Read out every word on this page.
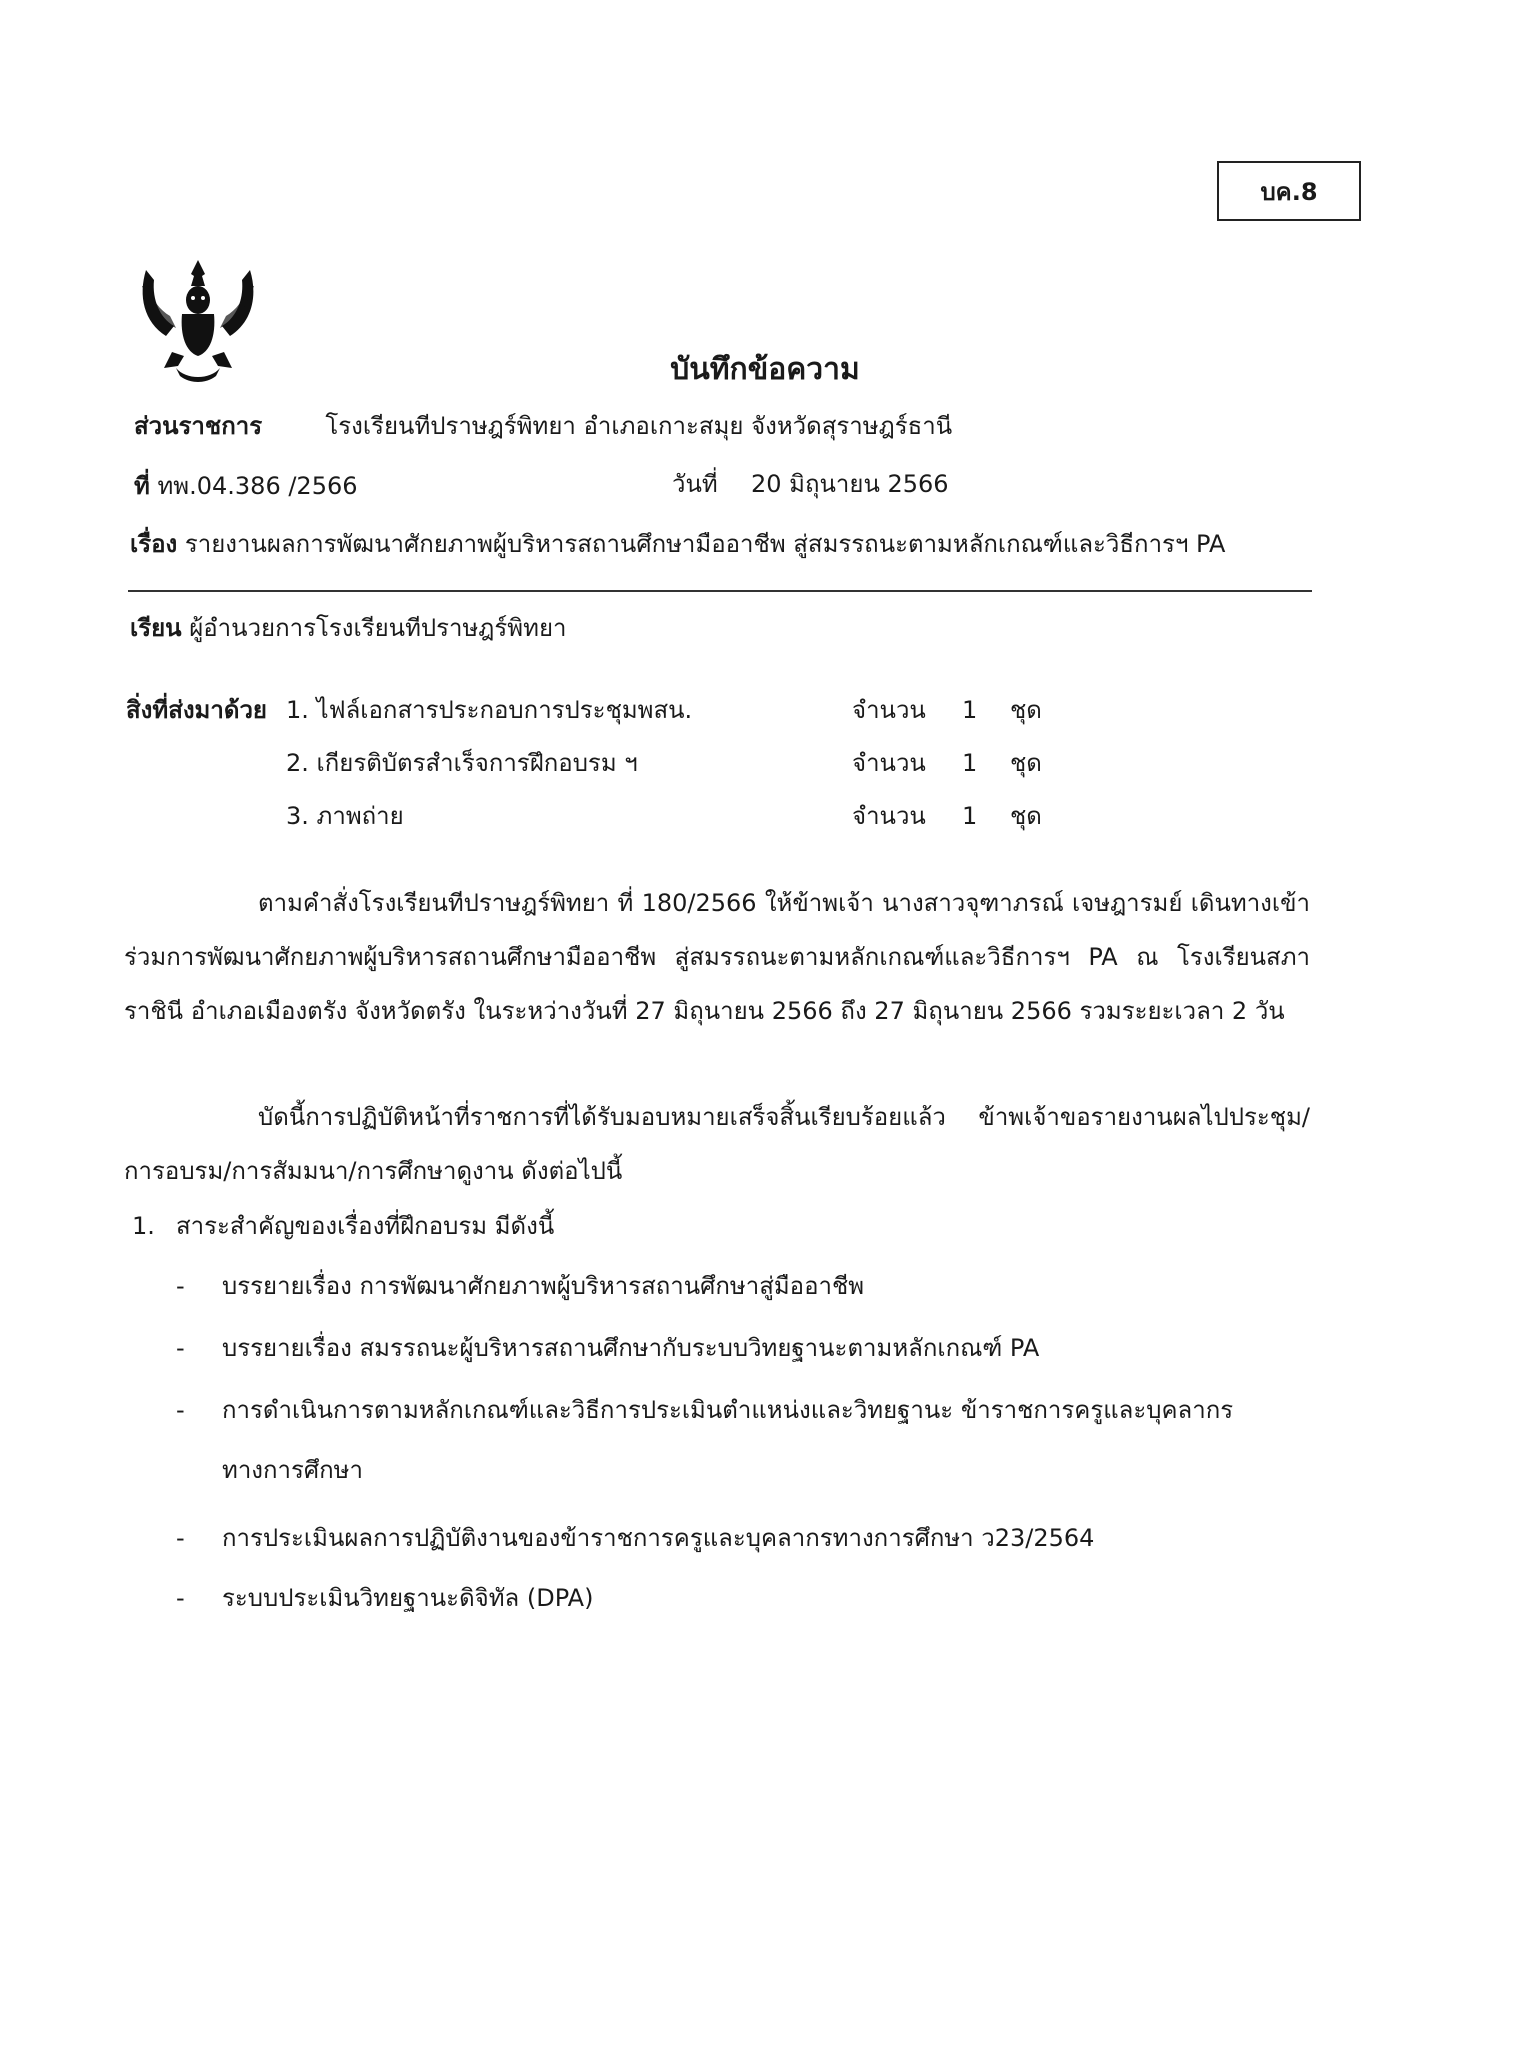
บค.8
บันทึกข้อความ
ส่วนราชการ	โรงเรียนทีปราษฎร์พิทยา อำเภอเกาะสมุย จังหวัดสุราษฎร์ธานี
ที่ ทพ.04.386 /2566	วันที่ 20 มิถุนายน 2566
เรื่อง รายงานผลการพัฒนาศักยภาพผู้บริหารสถานศึกษามืออาชีพ สู่สมรรถนะตามหลักเกณฑ์และวิธีการฯ PA
เรียน ผู้อำนวยการโรงเรียนทีปราษฎร์พิทยา
สิ่งที่ส่งมาด้วย 1. ไฟล์เอกสารประกอบการประชุมพสน.	จำนวน 1 ชุด
2. เกียรติบัตรสำเร็จการฝึกอบรม ฯ	จำนวน 1 ชุด
3. ภาพถ่าย	จำนวน 1 ชุด

ตามคำสั่งโรงเรียนทีปราษฎร์พิทยา ที่ 180/2566 ให้ข้าพเจ้า นางสาวจุฑาภรณ์ เจษฎารมย์ เดินทางเข้าร่วมการพัฒนาศักยภาพผู้บริหารสถานศึกษามืออาชีพ สู่สมรรถนะตามหลักเกณฑ์และวิธีการฯ PA ณ โรงเรียนสภาราชินี อำเภอเมืองตรัง จังหวัดตรัง ในระหว่างวันที่ 27 มิถุนายน 2566 ถึง 27 มิถุนายน 2566 รวมระยะเวลา 2 วัน

บัดนี้การปฏิบัติหน้าที่ราชการที่ได้รับมอบหมายเสร็จสิ้นเรียบร้อยแล้ว ข้าพเจ้าขอรายงานผลไปประชุม/การอบรม/การสัมมนา/การศึกษาดูงาน ดังต่อไปนี้

1. สาระสำคัญของเรื่องที่ฝึกอบรม มีดังนี้
- บรรยายเรื่อง การพัฒนาศักยภาพผู้บริหารสถานศึกษาสู่มืออาชีพ
- บรรยายเรื่อง สมรรถนะผู้บริหารสถานศึกษากับระบบวิทยฐานะตามหลักเกณฑ์ PA
- การดำเนินการตามหลักเกณฑ์และวิธีการประเมินตำแหน่งและวิทยฐานะ ข้าราชการครูและบุคลากรทางการศึกษา
- การประเมินผลการปฏิบัติงานของข้าราชการครูและบุคลากรทางการศึกษา ว23/2564
- ระบบประเมินวิทยฐานะดิจิทัล (DPA)
